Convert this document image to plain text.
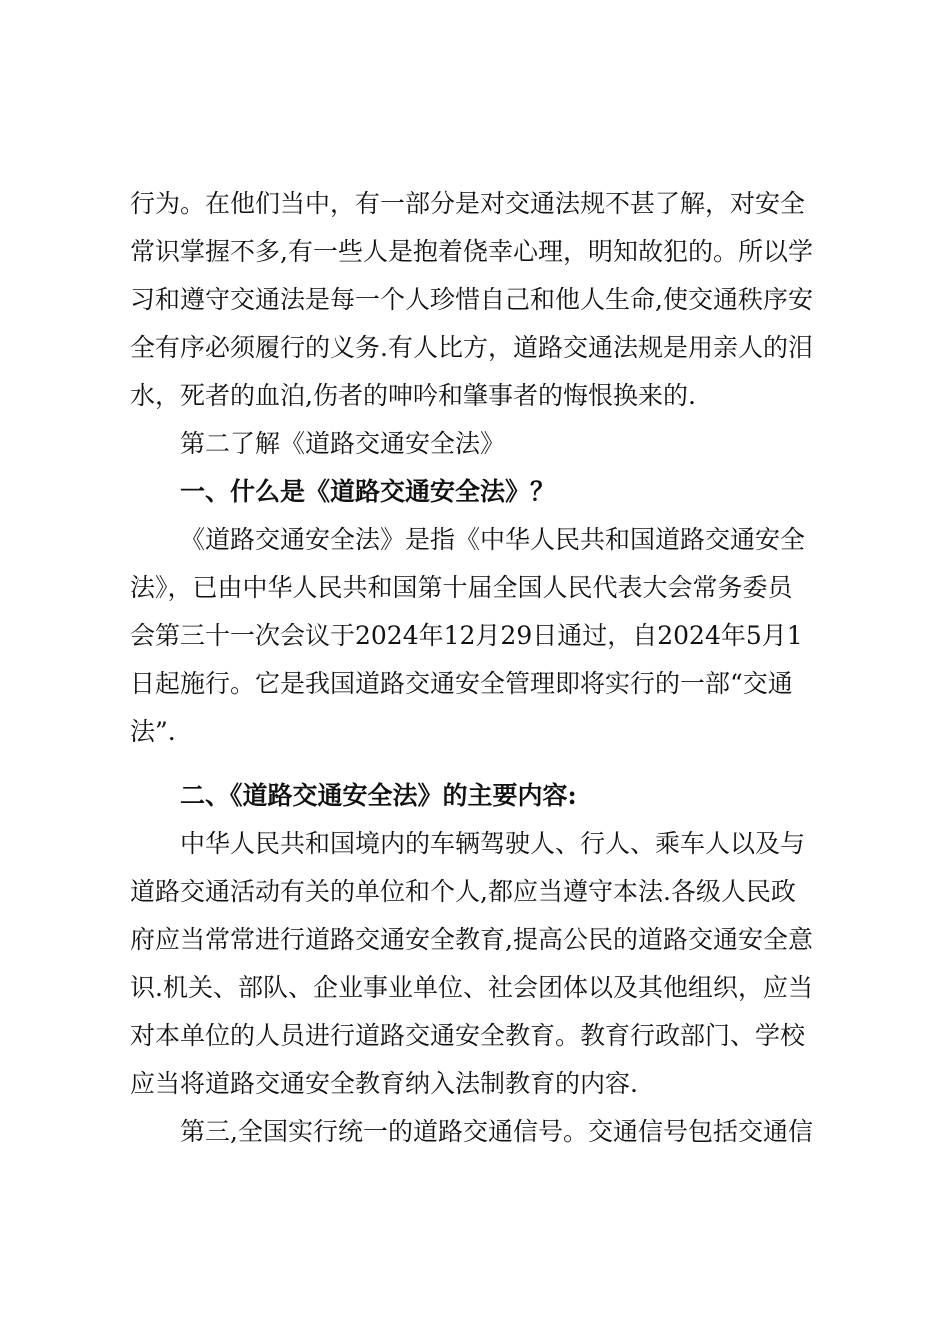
行为。在他们当中，有一部分是对交通法规不甚了解，对安全
常识掌握不多,有一些人是抱着侥幸心理，明知故犯的。所以学
习和遵守交通法是每一个人珍惜自己和他人生命,使交通秩序安
全有序必须履行的义务.有人比方，道路交通法规是用亲人的泪
水，死者的血泊,伤者的呻吟和肇事者的悔恨换来的.
第二了解《道路交通安全法》
一、什么是《道路交通安全法》？
《道路交通安全法》是指《中华人民共和国道路交通安全
法》，已由中华人民共和国第十届全国人民代表大会常务委员
会第三十一次会议于2024年12月29日通过，自2024年5月1
日起施行。它是我国道路交通安全管理即将实行的一部“交通
法”.
二、《道路交通安全法》的主要内容:
中华人民共和国境内的车辆驾驶人、行人、乘车人以及与
道路交通活动有关的单位和个人,都应当遵守本法.各级人民政
府应当常常进行道路交通安全教育,提高公民的道路交通安全意
识.机关、部队、企业事业单位、社会团体以及其他组织，应当
对本单位的人员进行道路交通安全教育。教育行政部门、学校
应当将道路交通安全教育纳入法制教育的内容.
第三,全国实行统一的道路交通信号。交通信号包括交通信
